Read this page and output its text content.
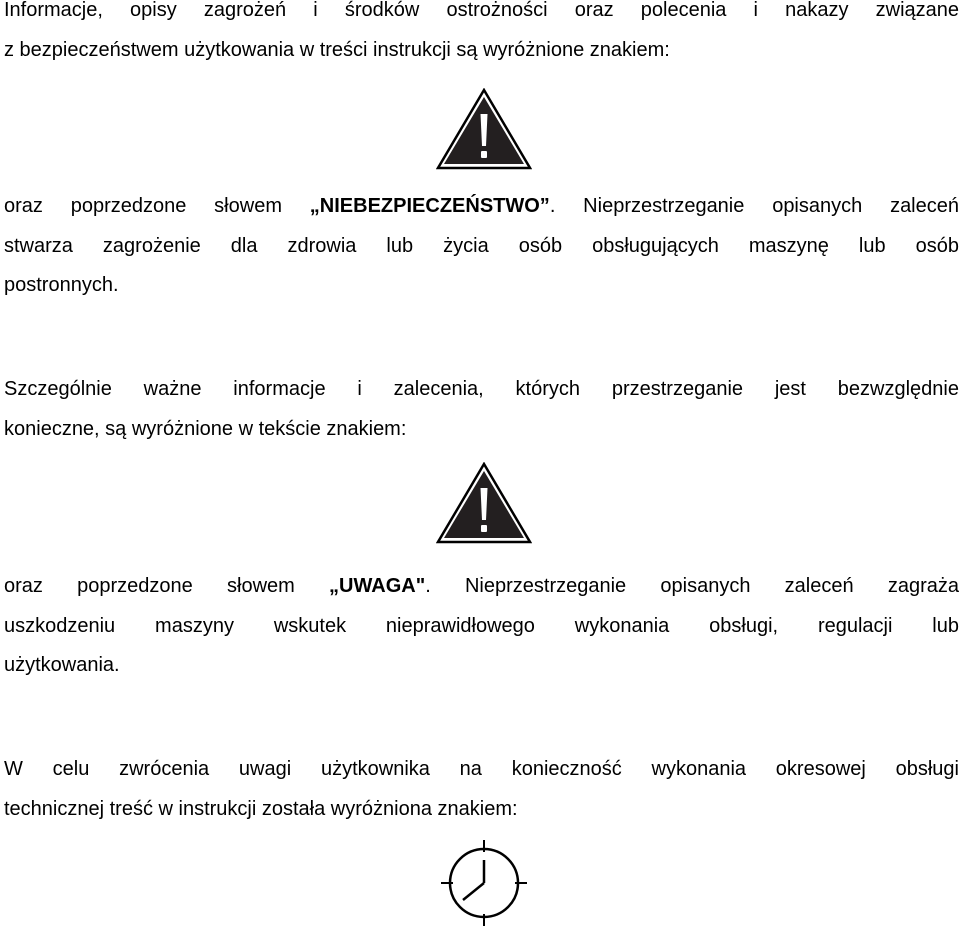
Informacje, opisy zagrożeń i środków ostrożności oraz polecenia i nakazy związane
z bezpieczeństwem użytkowania w treści instrukcji są wyróżnione znakiem:
oraz poprzedzone słowem „NIEBEZPIECZEŃSTWO”. Nieprzestrzeganie opisanych zaleceń
stwarza zagrożenie dla zdrowia lub życia osób obsługujących maszynę lub osób
postronnych.
Szczególnie ważne informacje i zalecenia, których przestrzeganie jest bezwzględnie
konieczne, są wyróżnione w tekście znakiem:
oraz poprzedzone słowem „UWAGA". Nieprzestrzeganie opisanych zaleceń zagraża
uszkodzeniu maszyny wskutek nieprawidłowego wykonania obsługi, regulacji lub
użytkowania.
W celu zwrócenia uwagi użytkownika na konieczność wykonania okresowej obsługi
technicznej treść w instrukcji została wyróżniona znakiem:
